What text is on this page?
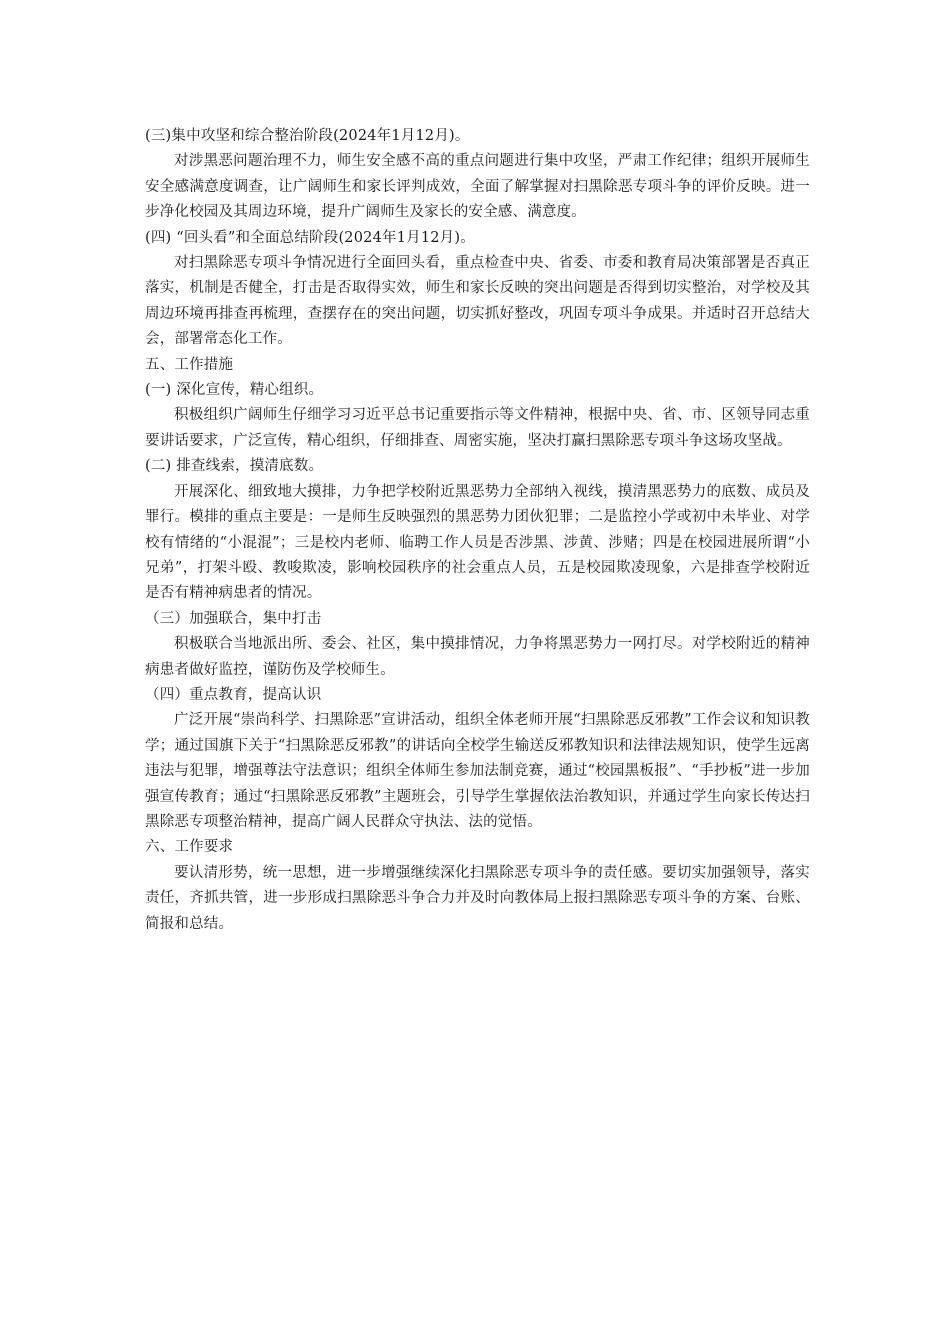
(三)集中攻坚和综合整治阶段(2024年1月12月)。

对涉黑恶问题治理不力，师生安全感不高的重点问题进行集中攻坚，严肃工作纪律；组织开展师生安全感满意度调查，让广阔师生和家长评判成效，全面了解掌握对扫黑除恶专项斗争的评价反映。进一步净化校园及其周边环境，提升广阔师生及家长的安全感、满意度。

(四) “回头看”和全面总结阶段(2024年1月12月)。

对扫黑除恶专项斗争情况进行全面回头看，重点检查中央、省委、市委和教育局决策部署是否真正落实，机制是否健全，打击是否取得实效，师生和家长反映的突出问题是否得到切实整治，对学校及其周边环境再排查再梳理，查摆存在的突出问题，切实抓好整改，巩固专项斗争成果。并适时召开总结大会，部署常态化工作。

五、工作措施

(一) 深化宣传，精心组织。

积极组织广阔师生仔细学习习近平总书记重要指示等文件精神，根据中央、省、市、区领导同志重要讲话要求，广泛宣传，精心组织，仔细排查、周密实施，坚决打赢扫黑除恶专项斗争这场攻坚战。

(二) 排查线索，摸清底数。

开展深化、细致地大摸排，力争把学校附近黑恶势力全部纳入视线，摸清黑恶势力的底数、成员及罪行。模排的重点主要是：一是师生反映强烈的黑恶势力团伙犯罪；二是监控小学或初中未毕业、对学校有情绪的“小混混”；三是校内老师、临聘工作人员是否涉黑、涉黄、涉赌；四是在校园进展所谓“小兄弟”，打架斗殴、教唆欺凌，影响校园秩序的社会重点人员，五是校园欺凌现象，六是排查学校附近是否有精神病患者的情况。

（三）加强联合，集中打击

积极联合当地派出所、委会、社区，集中摸排情况，力争将黑恶势力一网打尽。对学校附近的精神病患者做好监控，谨防伤及学校师生。

（四）重点教育，提高认识

广泛开展“崇尚科学、扫黑除恶”宣讲活动，组织全体老师开展“扫黑除恶反邪教”工作会议和知识教学；通过国旗下关于“扫黑除恶反邪教”的讲话向全校学生输送反邪教知识和法律法规知识，使学生远离违法与犯罪，增强尊法守法意识；组织全体师生参加法制竞赛，通过“校园黑板报”、“手抄板”进一步加强宣传教育；通过“扫黑除恶反邪教”主题班会，引导学生掌握依法治教知识，并通过学生向家长传达扫黑除恶专项整治精神，提高广阔人民群众守执法、法的觉悟。

六、工作要求

要认清形势，统一思想，进一步增强继续深化扫黑除恶专项斗争的责任感。要切实加强领导，落实责任，齐抓共管，进一步形成扫黑除恶斗争合力并及时向教体局上报扫黑除恶专项斗争的方案、台账、简报和总结。
